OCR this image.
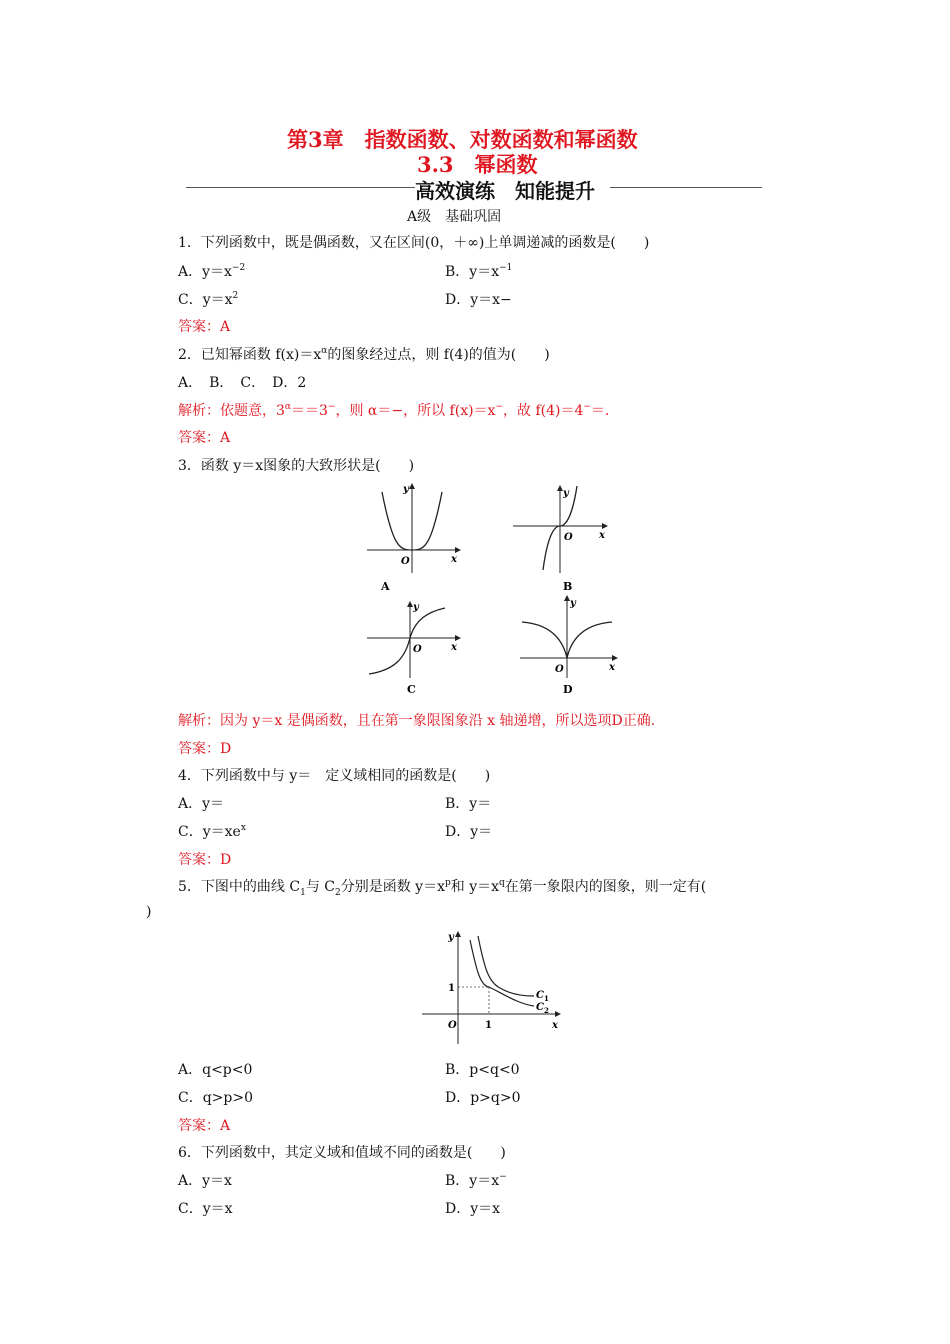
第3章　指数函数、对数函数和幂函数
3.3　幂函数
高效演练　知能提升
A级　基础巩固
1．下列函数中，既是偶函数，又在区间(0，＋∞)上单调递减的函数是(　　)
A．$y=x^{-2}$	B．$y=x^{-1}$
C．$y=x^2$	D．y＝x−
答案：A
2．已知幂函数 $f(x)=x^\alpha$的图象经过点，则 f(4)的值为(　　)
A．　B．　C．　D．2
解析：依题意，$3^\alpha==3^-$，则 α＝−，所以 f(x)＝x−，故 f(4)＝4−＝.
答案：A
3．函数 y＝x图象的大致形状是(　　)
O	x
y
A
O	x
y
B
O	x
y
C
O	x
y
D
解析：因为 y＝x 是偶函数，且在第一象限图象沿 x 轴递增，所以选项D正确.
答案：D
4．下列函数中与 y＝　定义域相同的函数是(　　)
A．y＝	B．y＝
C．$y=xe^x$	D．y＝
答案：D
5．下图中的曲线 $C_1$与 $C_2$分别是函数 $y=x^p$和 $y=x^q$在第一象限内的图象，则一定有(
)
O	1
1
x
y
C 1
C 2
A．q<p<0	B．p<q<0
C．q>p>0	D．p>q>0
答案：A
6．下列函数中，其定义域和值域不同的函数是(　　)
A．y＝x	B．y＝x−
C．y＝x	D．y＝x
